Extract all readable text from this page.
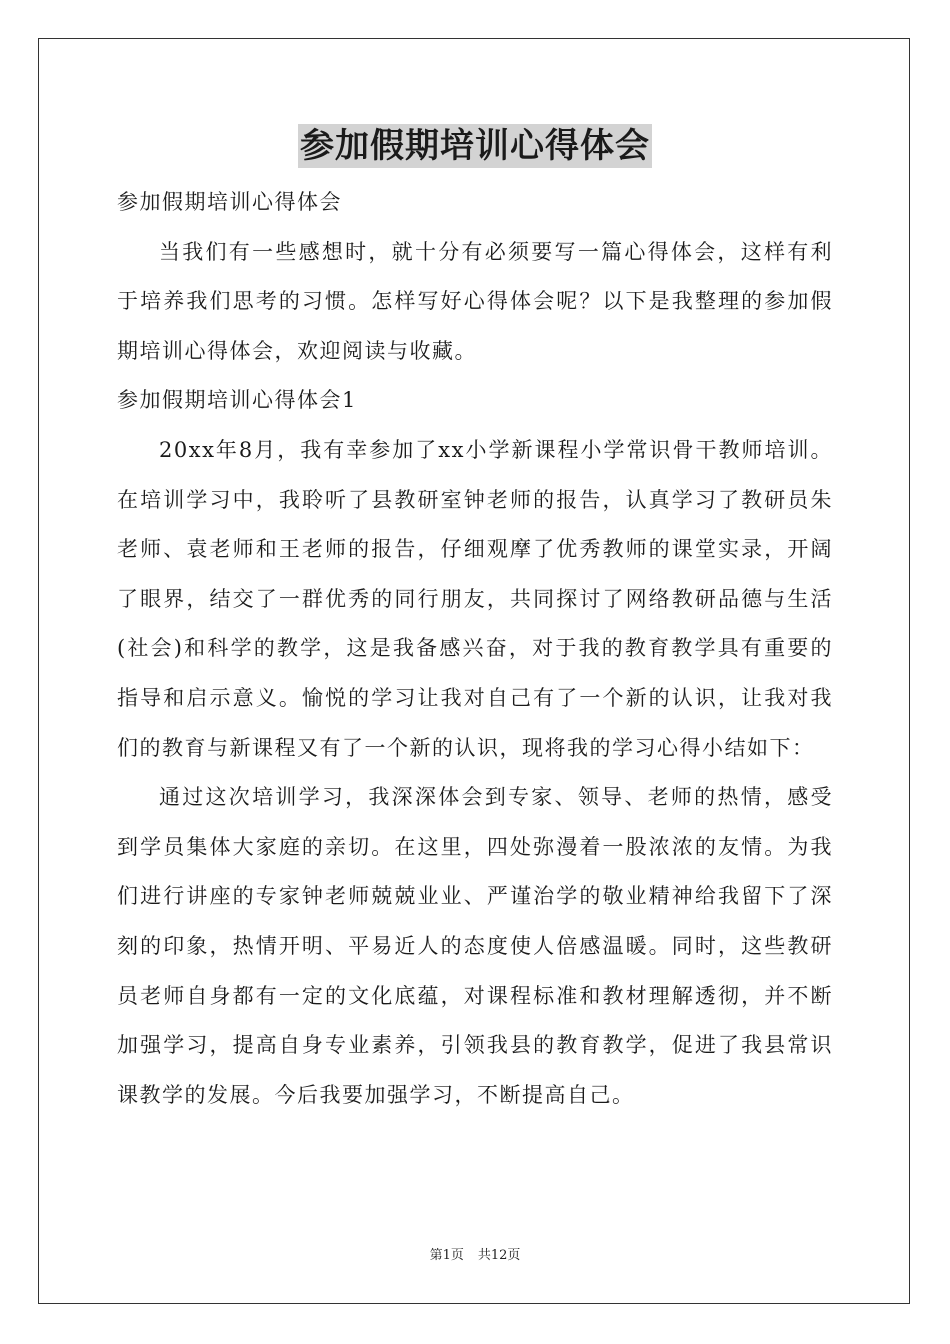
参加假期培训心得体会

参加假期培训心得体会

当我们有一些感想时，就十分有必须要写一篇心得体会，这样有利于培养我们思考的习惯。怎样写好心得体会呢？以下是我整理的参加假期培训心得体会，欢迎阅读与收藏。

参加假期培训心得体会1

20xx年8月，我有幸参加了xx小学新课程小学常识骨干教师培训。在培训学习中，我聆听了县教研室钟老师的报告，认真学习了教研员朱老师、袁老师和王老师的报告，仔细观摩了优秀教师的课堂实录，开阔了眼界，结交了一群优秀的同行朋友，共同探讨了网络教研品德与生活(社会)和科学的教学，这是我备感兴奋，对于我的教育教学具有重要的指导和启示意义。愉悦的学习让我对自己有了一个新的认识，让我对我们的教育与新课程又有了一个新的认识，现将我的学习心得小结如下：

通过这次培训学习，我深深体会到专家、领导、老师的热情，感受到学员集体大家庭的亲切。在这里，四处弥漫着一股浓浓的友情。为我们进行讲座的专家钟老师兢兢业业、严谨治学的敬业精神给我留下了深刻的印象，热情开明、平易近人的态度使人倍感温暖。同时，这些教研员老师自身都有一定的文化底蕴，对课程标准和教材理解透彻，并不断加强学习，提高自身专业素养，引领我县的教育教学，促进了我县常识课教学的发展。今后我要加强学习，不断提高自己。

第1页 共12页
